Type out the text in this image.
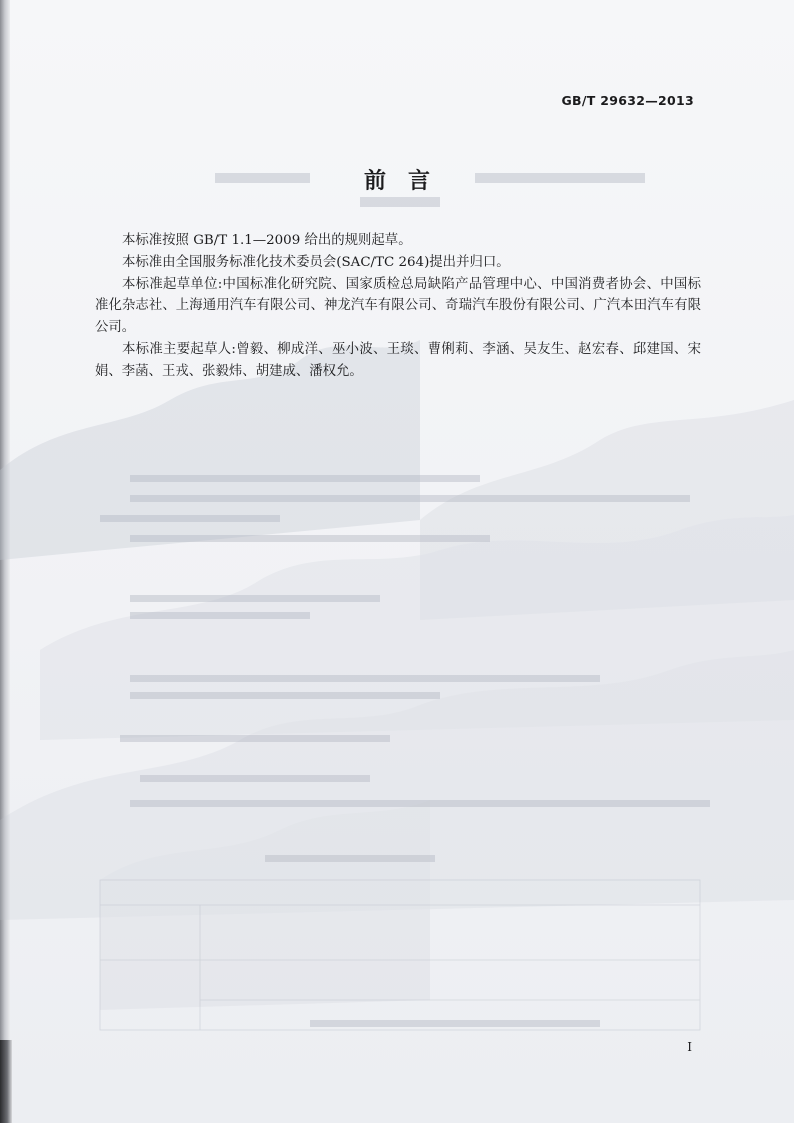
GB/T 29632—2013
前言

本标准按照 GB/T 1.1—2009 给出的规则起草。

本标准由全国服务标准化技术委员会(SAC/TC 264)提出并归口。

本标准起草单位:中国标准化研究院、国家质检总局缺陷产品管理中心、中国消费者协会、中国标准化杂志社、上海通用汽车有限公司、神龙汽车有限公司、奇瑞汽车股份有限公司、广汽本田汽车有限公司。

本标准主要起草人:曾毅、柳成洋、巫小波、王琰、曹俐莉、李涵、吴友生、赵宏春、邱建国、宋娟、李菡、王戎、张毅炜、胡建成、潘权允。

I
